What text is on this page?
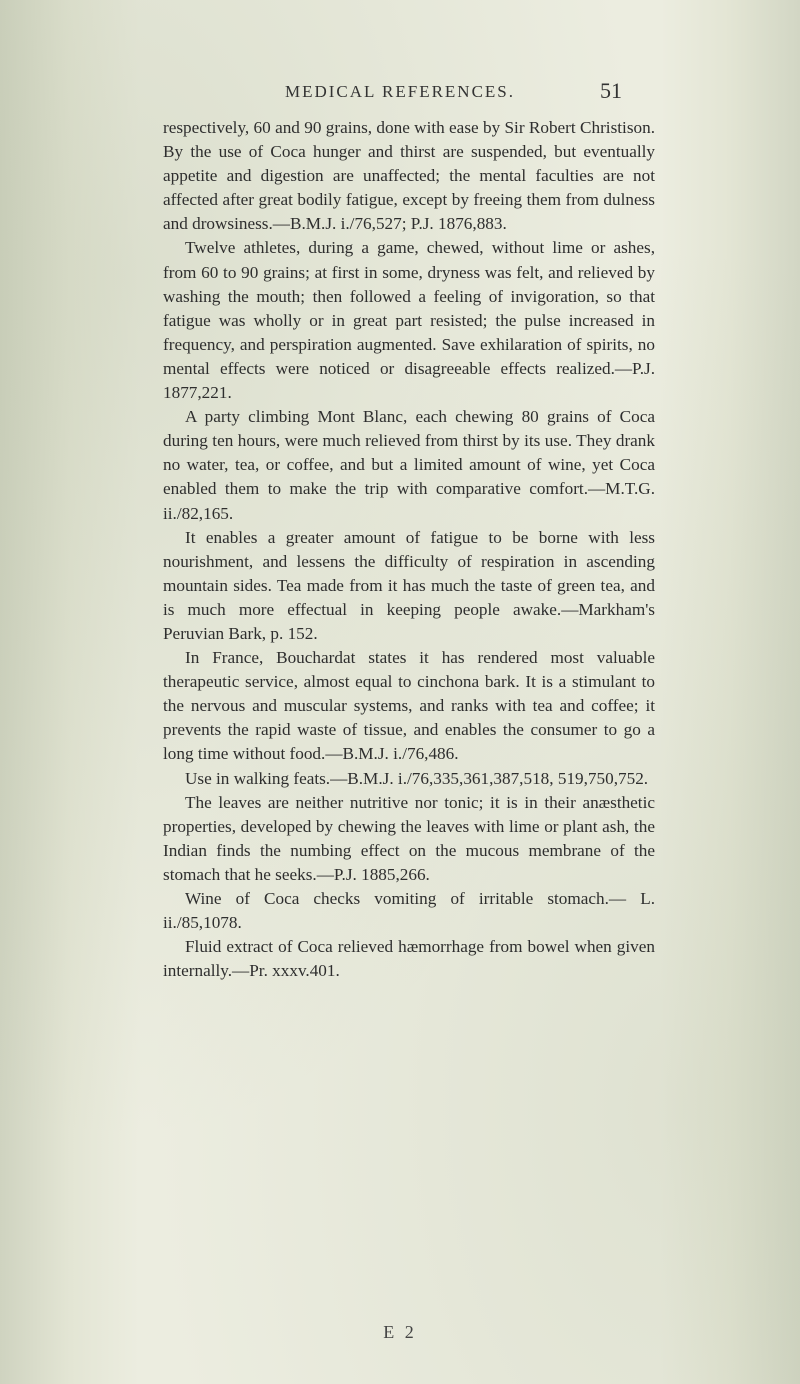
MEDICAL REFERENCES.	51

respectively, 60 and 90 grains, done with ease by Sir Robert Christison. By the use of Coca hunger and thirst are suspended, but eventually appetite and digestion are unaffected; the mental faculties are not affected after great bodily fatigue, except by freeing them from dulness and drowsiness.—B.M.J. i./76,527; P.J. 1876,883.

Twelve athletes, during a game, chewed, without lime or ashes, from 60 to 90 grains; at first in some, dryness was felt, and relieved by washing the mouth; then followed a feeling of invigoration, so that fatigue was wholly or in great part resisted; the pulse increased in frequency, and perspiration augmented. Save exhilaration of spirits, no mental effects were noticed or disagreeable effects realized.—P.J. 1877,221.

A party climbing Mont Blanc, each chewing 80 grains of Coca during ten hours, were much relieved from thirst by its use. They drank no water, tea, or coffee, and but a limited amount of wine, yet Coca enabled them to make the trip with comparative comfort.—M.T.G. ii./82,165.

It enables a greater amount of fatigue to be borne with less nourishment, and lessens the difficulty of respiration in ascending mountain sides. Tea made from it has much the taste of green tea, and is much more effectual in keeping people awake.—Markham's Peruvian Bark, p. 152.

In France, Bouchardat states it has rendered most valuable therapeutic service, almost equal to cinchona bark. It is a stimulant to the nervous and muscular systems, and ranks with tea and coffee; it prevents the rapid waste of tissue, and enables the consumer to go a long time without food.—B.M.J. i./76,486.

Use in walking feats.—B.M.J. i./76,335,361,387,518, 519,750,752.

The leaves are neither nutritive nor tonic; it is in their anæsthetic properties, developed by chewing the leaves with lime or plant ash, the Indian finds the numbing effect on the mucous membrane of the stomach that he seeks.—P.J. 1885,266.

Wine of Coca checks vomiting of irritable stomach.— L. ii./85,1078.

Fluid extract of Coca relieved hæmorrhage from bowel when given internally.—Pr. xxxv.401.

E 2
